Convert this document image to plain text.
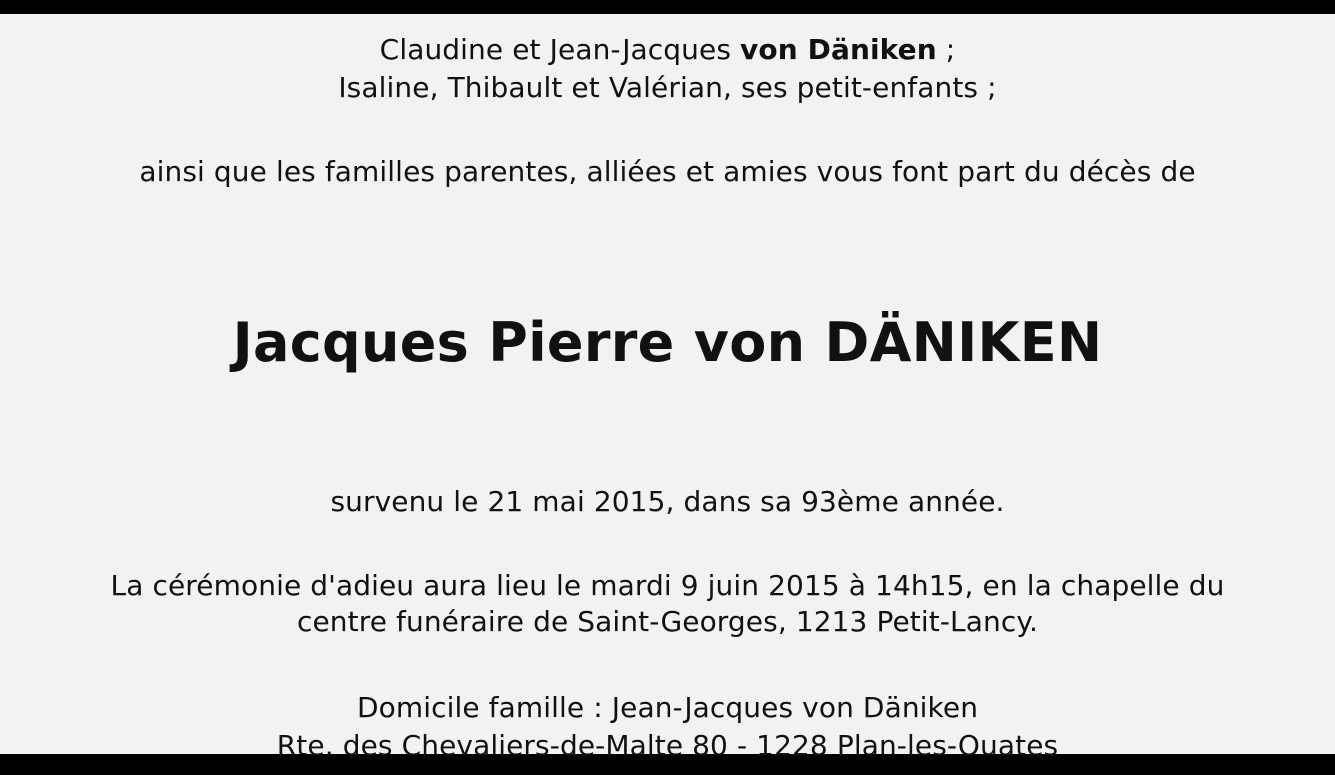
Claudine et Jean-Jacques von Däniken ;
Isaline, Thibault et Valérian, ses petit-enfants ;
ainsi que les familles parentes, alliées et amies vous font part du décès de
Jacques Pierre von DÄNIKEN
survenu le 21 mai 2015, dans sa 93ème année.
La cérémonie d'adieu aura lieu le mardi 9 juin 2015 à 14h15, en la chapelle du
centre funéraire de Saint-Georges, 1213 Petit-Lancy.
Domicile famille : Jean-Jacques von Däniken
Rte. des Chevaliers-de-Malte 80 - 1228 Plan-les-Ouates
